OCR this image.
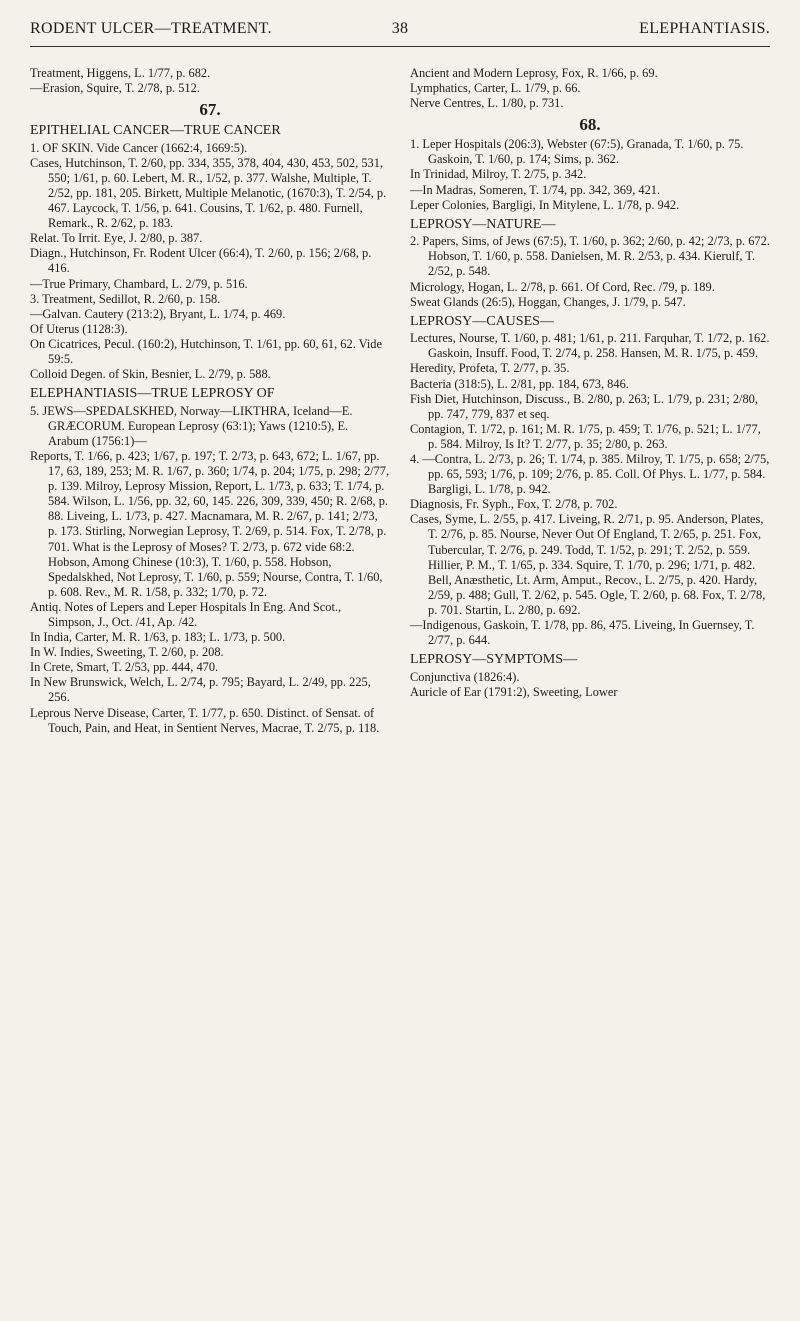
RODENT ULCER—TREATMENT.	38	ELEPHANTIASIS.
Treatment, Higgens, L. 1/77, p. 682.
—Erasion, Squire, T. 2/78, p. 512.
67.
EPITHELIAL CANCER—TRUE CANCER
1. OF SKIN. Vide Cancer (1662:4, 1669:5).
Cases, Hutchinson, T. 2/60, pp. 334, 355, 378, 404, 430, 453, 502, 531, 550; 1/61, p. 60. Lebert, M. R., 1/52, p. 377. Walshe, Multiple, T. 2/52, pp. 181, 205. Birkett, Multiple Melanotic, (1670:3), T. 2/54, p. 467. Laycock, T. 1/56, p. 641. Cousins, T. 1/62, p. 480. Furnell, Remark., R. 2/62, p. 183.
Relat. To Irrit. Eye, J. 2/80, p. 387.
Diagn., Hutchinson, Fr. Rodent Ulcer (66:4), T. 2/60, p. 156; 2/68, p. 416.
—True Primary, Chambard, L. 2/79, p. 516.
3. Treatment, Sedillot, R. 2/60, p. 158.
—Galvan. Cautery (213:2), Bryant, L. 1/74, p. 469.
Of Uterus (1128:3).
On Cicatrices, Pecul. (160:2), Hutchinson, T. 1/61, pp. 60, 61, 62. Vide 59:5.
Colloid Degen. of Skin, Besnier, L. 2/79, p. 588.
ELEPHANTIASIS—TRUE LEPROSY OF
5. JEWS—SPEDALSKHED, Norway—LIKTHRA, Iceland—E. GRÆCORUM. European Leprosy (63:1); Yaws (1210:5), E. Arabum (1756:1)—
Reports, T. 1/66, p. 423; 1/67, p. 197; T. 2/73, p. 643, 672; L. 1/67, pp. 17, 63, 189, 253; M. R. 1/67, p. 360; 1/74, p. 204; 1/75, p. 298; 2/77, p. 139. Milroy, Leprosy Mission, Report, L. 1/73, p. 633; T. 1/74, p. 584. Wilson, L. 1/56, pp. 32, 60, 145. 226, 309, 339, 450; R. 2/68, p. 88. Liveing, L. 1/73, p. 427. Macnamara, M. R. 2/67, p. 141; 2/73, p. 173. Stirling, Norwegian Leprosy, T. 2/69, p. 514. Fox, T. 2/78, p. 701. What is the Leprosy of Moses? T. 2/73, p. 672 vide 68:2. Hobson, Among Chinese (10:3), T. 1/60, p. 558. Hobson, Spedalskhed, Not Leprosy, T. 1/60, p. 559; Nourse, Contra, T. 1/60, p. 608. Rev., M. R. 1/58, p. 332; 1/70, p. 72.
Antiq. Notes of Lepers and Leper Hospitals In Eng. And Scot., Simpson, J., Oct. /41, Ap. /42.
In India, Carter, M. R. 1/63, p. 183; L. 1/73, p. 500.
In W. Indies, Sweeting, T. 2/60, p. 208.
In Crete, Smart, T. 2/53, pp. 444, 470.
In New Brunswick, Welch, L. 2/74, p. 795; Bayard, L. 2/49, pp. 225, 256.
Leprous Nerve Disease, Carter, T. 1/77, p. 650. Distinct. of Sensat. of Touch, Pain, and Heat, in Sentient Nerves, Macrae, T. 2/75, p. 118.
Ancient and Modern Leprosy, Fox, R. 1/66, p. 69.
Lymphatics, Carter, L. 1/79, p. 66.
Nerve Centres, L. 1/80, p. 731.
68.
1. Leper Hospitals (206:3), Webster (67:5), Granada, T. 1/60, p. 75. Gaskoin, T. 1/60, p. 174; Sims, p. 362.
In Trinidad, Milroy, T. 2/75, p. 342.
—In Madras, Someren, T. 1/74, pp. 342, 369, 421.
Leper Colonies, Bargligi, In Mitylene, L. 1/78, p. 942.
LEPROSY—NATURE—
2. Papers, Sims, of Jews (67:5), T. 1/60, p. 362; 2/60, p. 42; 2/73, p. 672. Hobson, T. 1/60, p. 558. Danielsen, M. R. 2/53, p. 434. Kierulf, T. 2/52, p. 548.
Micrology, Hogan, L. 2/78, p. 661. Of Cord, Rec. /79, p. 189.
Sweat Glands (26:5), Hoggan, Changes, J. 1/79, p. 547.
LEPROSY—CAUSES—
Lectures, Nourse, T. 1/60, p. 481; 1/61, p. 211. Farquhar, T. 1/72, p. 162. Gaskoin, Insuff. Food, T. 2/74, p. 258. Hansen, M. R. 1/75, p. 459.
Heredity, Profeta, T. 2/77, p. 35.
Bacteria (318:5), L. 2/81, pp. 184, 673, 846.
Fish Diet, Hutchinson, Discuss., B. 2/80, p. 263; L. 1/79, p. 231; 2/80, pp. 747, 779, 837 et seq.
Contagion, T. 1/72, p. 161; M. R. 1/75, p. 459; T. 1/76, p. 521; L. 1/77, p. 584. Milroy, Is It? T. 2/77, p. 35; 2/80, p. 263.
4. —Contra, L. 2/73, p. 26; T. 1/74, p. 385. Milroy, T. 1/75, p. 658; 2/75, pp. 65, 593; 1/76, p. 109; 2/76, p. 85. Coll. Of Phys. L. 1/77, p. 584. Bargligi, L. 1/78, p. 942.
Diagnosis, Fr. Syph., Fox, T. 2/78, p. 702.
Cases, Syme, L. 2/55, p. 417. Liveing, R. 2/71, p. 95. Anderson, Plates, T. 2/76, p. 85. Nourse, Never Out Of England, T. 2/65, p. 251. Fox, Tubercular, T. 2/76, p. 249. Todd, T. 1/52, p. 291; T. 2/52, p. 559. Hillier, P. M., T. 1/65, p. 334. Squire, T. 1/70, p. 296; 1/71, p. 482. Bell, Anæsthetic, Lt. Arm, Amput., Recov., L. 2/75, p. 420. Hardy, 2/59, p. 488; Gull, T. 2/62, p. 545. Ogle, T. 2/60, p. 68. Fox, T. 2/78, p. 701. Startin, L. 2/80, p. 692.
—Indigenous, Gaskoin, T. 1/78, pp. 86, 475. Liveing, In Guernsey, T. 2/77, p. 644.
LEPROSY—SYMPTOMS—
Conjunctiva (1826:4).
Auricle of Ear (1791:2), Sweeting, Lower
